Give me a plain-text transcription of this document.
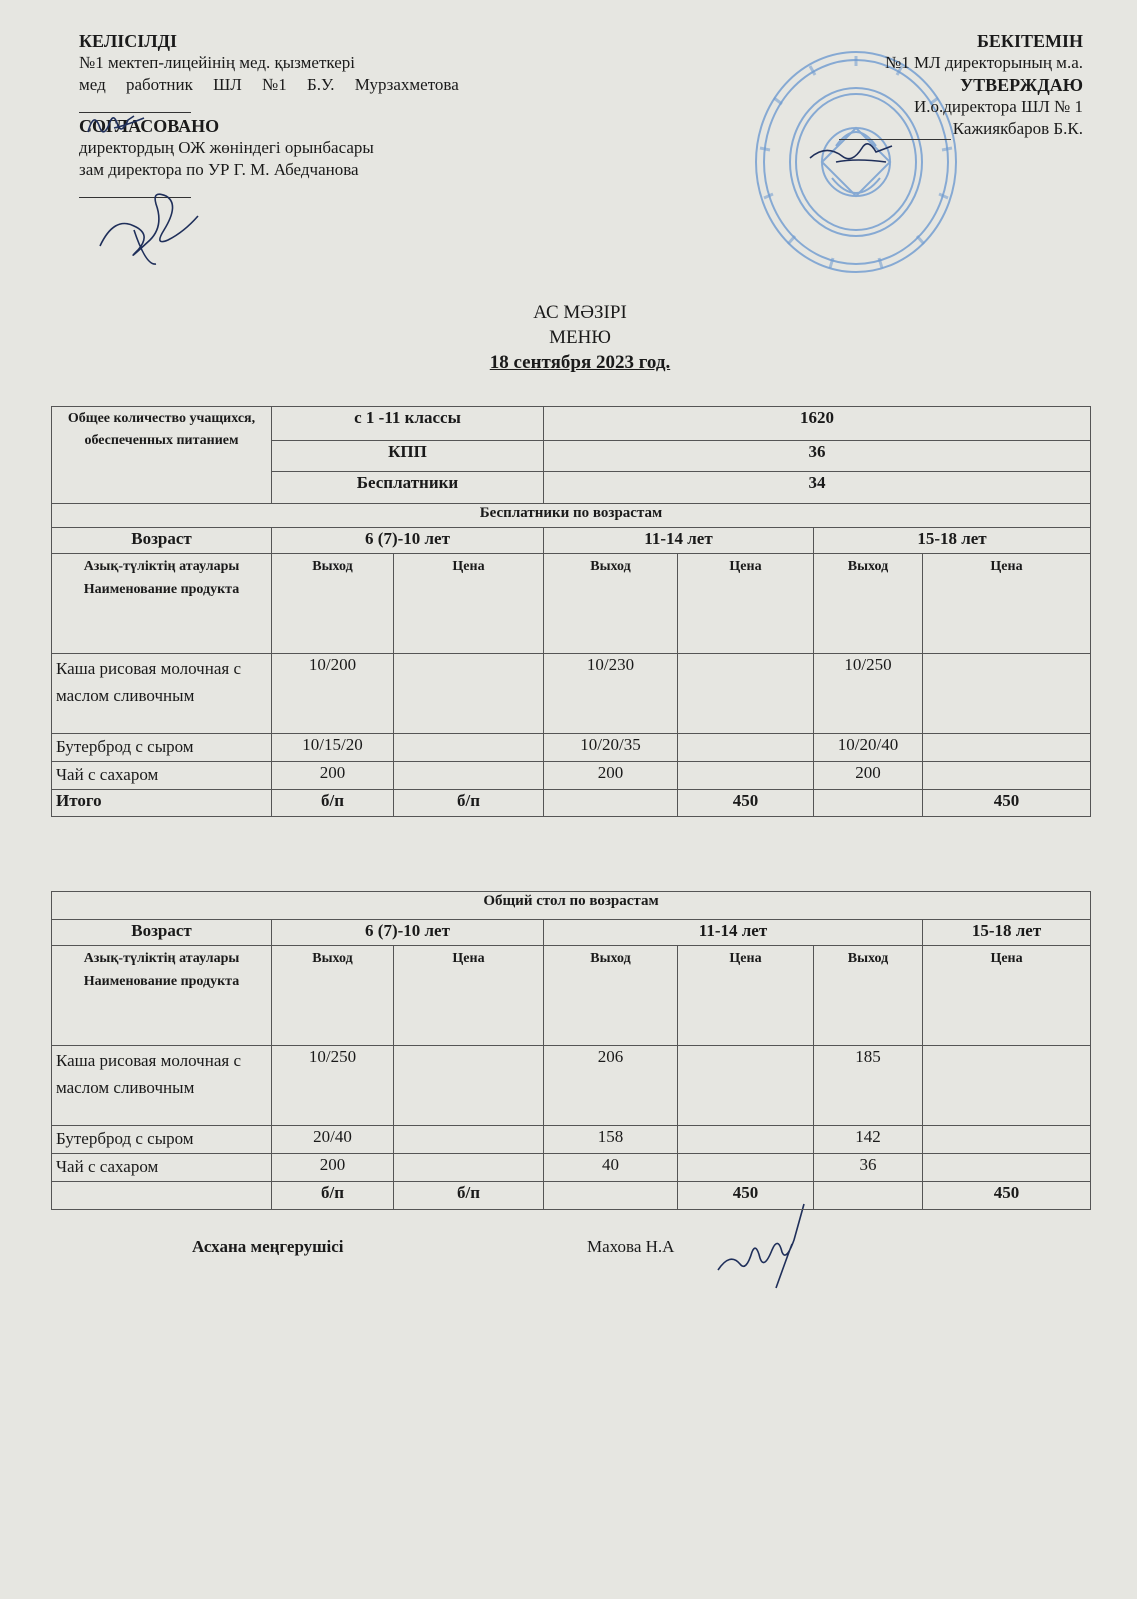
КЕЛІСІЛДІ
№1 мектеп-лицейінің мед. қызметкері
мед работник ШЛ №1 Б.У. Мурзахметова
СОГЛАСОВАНО
директордың ОЖ жөніндегі орынбасары
зам директора по УР Г. М. Абедчанова
БЕКІТЕМІН
№1 МЛ директорының м.а.
УТВЕРЖДАЮ
И.о.директора ШЛ № 1
Кажиякбаров Б.К.
АС МӘЗІРІ
МЕНЮ
18 сентября 2023 год.
Общее количество учащихся, обеспеченных питанием	с 1 -11 классы		1620			
	КПП		36			
	Бесплатники		34			
Бесплатники по возрастам						
Возраст	6 (7)-10 лет		11-14 лет		15-18 лет	
Азық-түліктің атаулары Наименование продукта	Выход	Цена	Выход	Цена	Выход	Цена
Каша рисовая молочная с маслом сливочным	10/200		10/230		10/250	
Бутерброд с сыром	10/15/20		10/20/35		10/20/40	
Чай с сахаром	200		200		200	
Итого	б/п	б/п		450		450
Общий стол по возрастам						
Возраст	6 (7)-10 лет		11-14 лет			15-18 лет
Азық-түліктің атаулары Наименование продукта	Выход	Цена	Выход	Цена	Выход	Цена
Каша рисовая молочная с маслом сливочным	10/250		206		185	
Бутерброд с сыром	20/40		158		142	
Чай с сахаром	200		40		36	
	б/п	б/п		450		450
Асхана меңгерушісі	Махова Н.А
